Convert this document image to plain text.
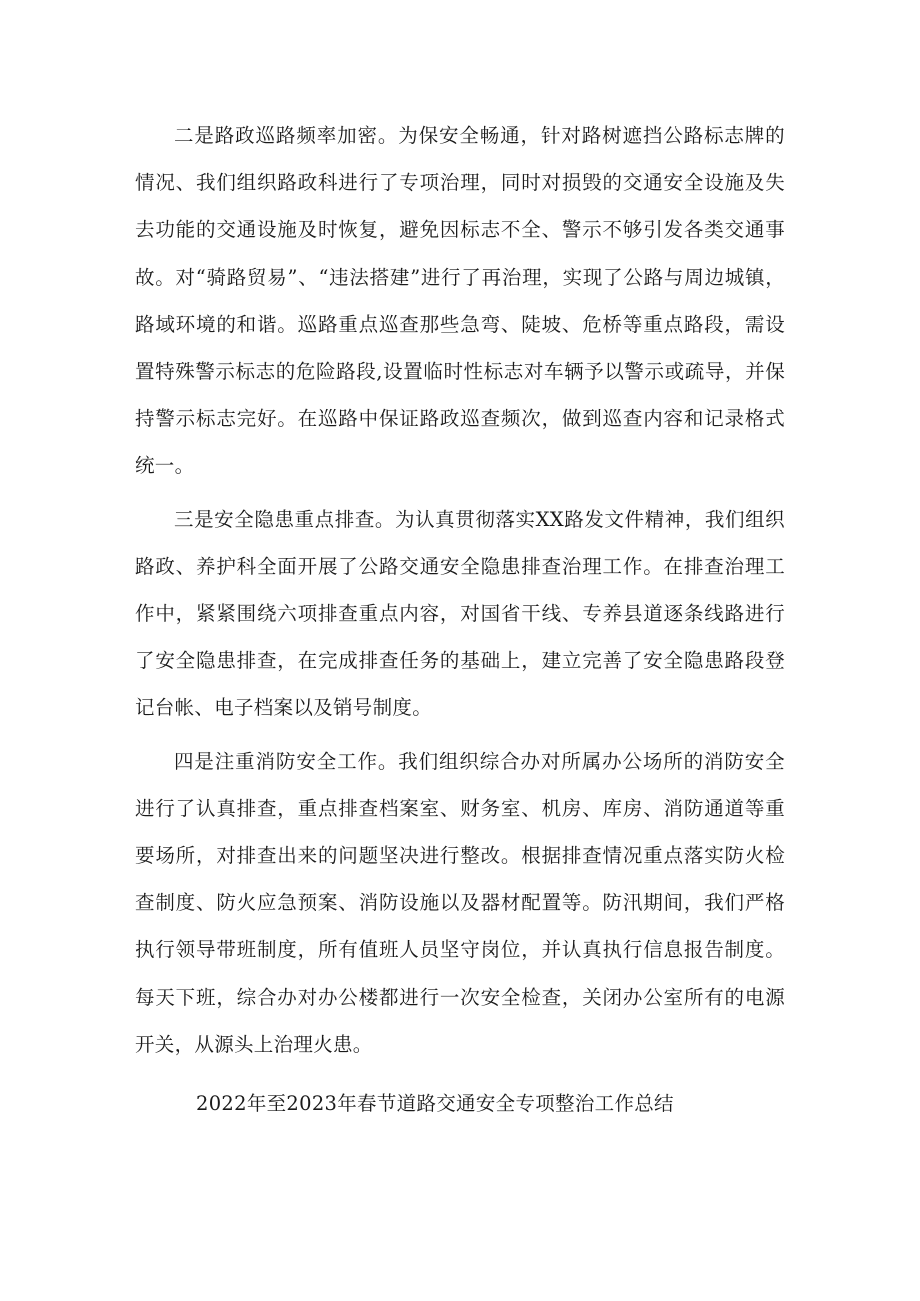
二是路政巡路频率加密。为保安全畅通，针对路树遮挡公路标志牌的情况、我们组织路政科进行了专项治理，同时对损毁的交通安全设施及失去功能的交通设施及时恢复，避免因标志不全、警示不够引发各类交通事故。对“骑路贸易”、“违法搭建”进行了再治理，实现了公路与周边城镇，路域环境的和谐。巡路重点巡查那些急弯、陡坡、危桥等重点路段，需设置特殊警示标志的危险路段,设置临时性标志对车辆予以警示或疏导，并保持警示标志完好。在巡路中保证路政巡查频次，做到巡查内容和记录格式统一。

三是安全隐患重点排查。为认真贯彻落实XX路发文件精神，我们组织路政、养护科全面开展了公路交通安全隐患排查治理工作。在排查治理工作中，紧紧围绕六项排查重点内容，对国省干线、专养县道逐条线路进行了安全隐患排查，在完成排查任务的基础上，建立完善了安全隐患路段登记台帐、电子档案以及销号制度。

四是注重消防安全工作。我们组织综合办对所属办公场所的消防安全进行了认真排查，重点排查档案室、财务室、机房、库房、消防通道等重要场所，对排查出来的问题坚决进行整改。根据排查情况重点落实防火检查制度、防火应急预案、消防设施以及器材配置等。防汛期间，我们严格执行领导带班制度，所有值班人员坚守岗位，并认真执行信息报告制度。每天下班，综合办对办公楼都进行一次安全检查，关闭办公室所有的电源开关，从源头上治理火患。

2022年至2023年春节道路交通安全专项整治工作总结
